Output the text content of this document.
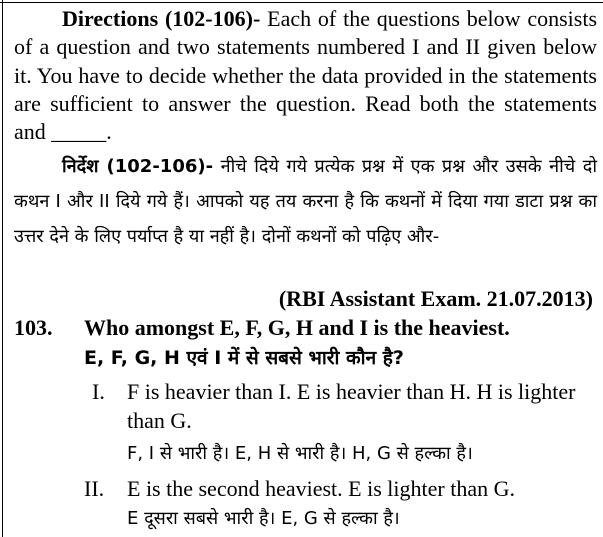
Directions (102-106)- Each of the questions below consists of a question and two statements numbered I and II given below it. You have to decide whether the data provided in the statements are sufficient to answer the question. Read both the statements and _____.
निर्देश (102-106)- नीचे दिये गये प्रत्येक प्रश्न में एक प्रश्न और उसके नीचे दो कथन I और II दिये गये हैं। आपको यह तय करना है कि कथनों में दिया गया डाटा प्रश्न का उत्तर देने के लिए पर्याप्त है या नहीं है। दोनों कथनों को पढ़िए और-
(RBI Assistant Exam. 21.07.2013)
103. Who amongst E, F, G, H and I is the heaviest.
E, F, G, H एवं I में से सबसे भारी कौन है?
I. F is heavier than I. E is heavier than H. H is lighter than G.
F, I से भारी है। E, H से भारी है। H, G से हल्का है।
II. E is the second heaviest. E is lighter than G.
E दूसरा सबसे भारी है। E, G से हल्का है।
